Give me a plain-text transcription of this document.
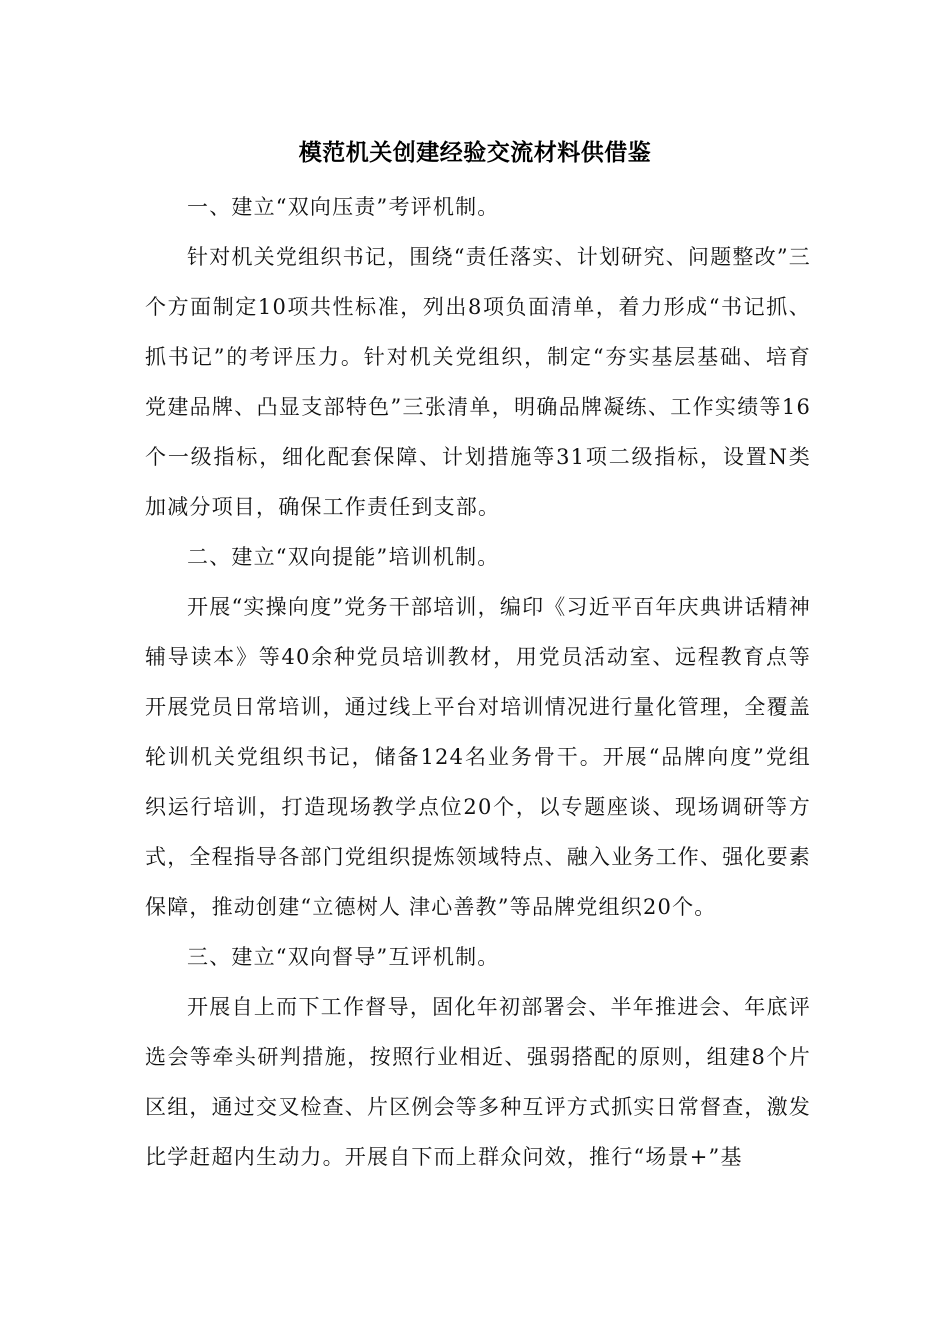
模范机关创建经验交流材料供借鉴

一、建立“双向压责”考评机制。

针对机关党组织书记，围绕“责任落实、计划研究、问题整改”三个方面制定10项共性标准，列出8项负面清单，着力形成“书记抓、抓书记”的考评压力。针对机关党组织，制定“夯实基层基础、培育党建品牌、凸显支部特色”三张清单，明确品牌凝练、工作实绩等16个一级指标，细化配套保障、计划措施等31项二级指标，设置N类加减分项目，确保工作责任到支部。

二、建立“双向提能”培训机制。

开展“实操向度”党务干部培训，编印《习近平百年庆典讲话精神辅导读本》等40余种党员培训教材，用党员活动室、远程教育点等开展党员日常培训，通过线上平台对培训情况进行量化管理，全覆盖轮训机关党组织书记，储备124名业务骨干。开展“品牌向度”党组织运行培训，打造现场教学点位20个，以专题座谈、现场调研等方式，全程指导各部门党组织提炼领域特点、融入业务工作、强化要素保障，推动创建“立德树人 津心善教”等品牌党组织20个。

三、建立“双向督导”互评机制。

开展自上而下工作督导，固化年初部署会、半年推进会、年底评选会等牵头研判措施，按照行业相近、强弱搭配的原则，组建8个片区组，通过交叉检查、片区例会等多种互评方式抓实日常督查，激发比学赶超内生动力。开展自下而上群众问效，推行“场景+”基
